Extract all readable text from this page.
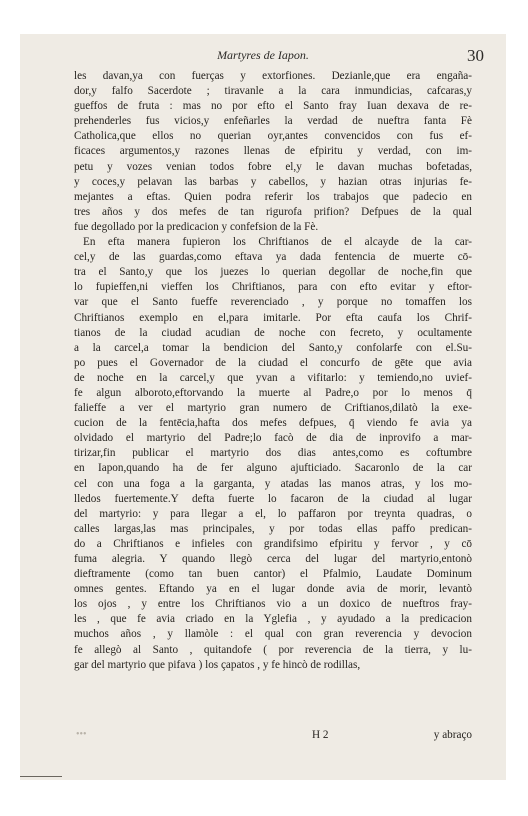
Martyres de Iapon.	30
les davan,ya con fuerças y extorfiones. Dezianle,que era engaña-
dor,y falfo Sacerdote ; tiravanle a la cara inmundicias, cafcaras,y
gueffos de fruta : mas no por efto el Santo fray Iuan dexava de re-
prehenderles fus vicios,y enfeñarles la verdad de nueftra fanta Fè
Catholica,que ellos no querian oyr,antes convencidos con fus ef-
ficaces argumentos,y razones llenas de efpiritu y verdad, con im-
petu y vozes venian todos fobre el,y le davan muchas bofetadas,
y coces,y pelavan las barbas y cabellos, y hazian otras injurias fe-
mejantes a eftas. Quien podra referir los trabajos que padecio en
tres años y dos mefes de tan rigurofa prifion? Defpues de la qual
fue degollado por la predicacion y confefsion de la Fè.
En efta manera fupieron los Chriftianos de el alcayde de la car-
cel,y de las guardas,como eftava ya dada fentencia de muerte cō-
tra el Santo,y que los juezes lo querian degollar de noche,fin que
lo fupieffen,ni vieffen los Chriftianos, para con efto evitar y eftor-
var que el Santo fueffe reverenciado , y porque no tomaffen los
Chriftianos exemplo en el,para imitarle. Por efta caufa los Chrif-
tianos de la ciudad acudian de noche con fecreto, y ocultamente
a la carcel,a tomar la bendicion del Santo,y confolarfe con el.Su-
po pues el Governador de la ciudad el concurfo de gēte que avia
de noche en la carcel,y que yvan a vifitarlo: y temiendo,no uvief-
fe algun alboroto,eftorvando la muerte al Padre,o por lo menos q̄
falieffe a ver el martyrio gran numero de Criftianos,dilatò la exe-
cucion de la fentēcia,hafta dos mefes defpues, q̄ viendo fe avia ya
olvidado el martyrio del Padre;lo facò de dia de inprovifo a mar-
tirizar,fin publicar el martyrio dos dias antes,como es coftumbre
en Iapon,quando ha de fer alguno ajufticiado. Sacaronlo de la car
cel con una foga a la garganta, y atadas las manos atras, y los mo-
lledos fuertemente.Y defta fuerte lo facaron de la ciudad al lugar
del martyrio: y para llegar a el, lo paffaron por treynta quadras, o
calles largas,las mas principales, y por todas ellas paffo predican-
do a Chriftianos e infieles con grandifsimo efpiritu y fervor , y cō
fuma alegria. Y quando llegò cerca del lugar del martyrio,entonò
dieftramente (como tan buen cantor) el Pfalmio, Laudate Dominum
omnes gentes. Eftando ya en el lugar donde avia de morir, levantò
los ojos , y entre los Chriftianos vio a un doxico de nueftros fray-
les , que fe avia criado en la Yglefia , y ayudado a la predicacion
muchos años , y llamòle : el qual con gran reverencia y devocion
fe allegò al Santo , quitandofe ( por reverencia de la tierra, y lu-
gar del martyrio que pifava ) los çapatos , y fe hincò de rodillas,
•••	H 2	y abraço
